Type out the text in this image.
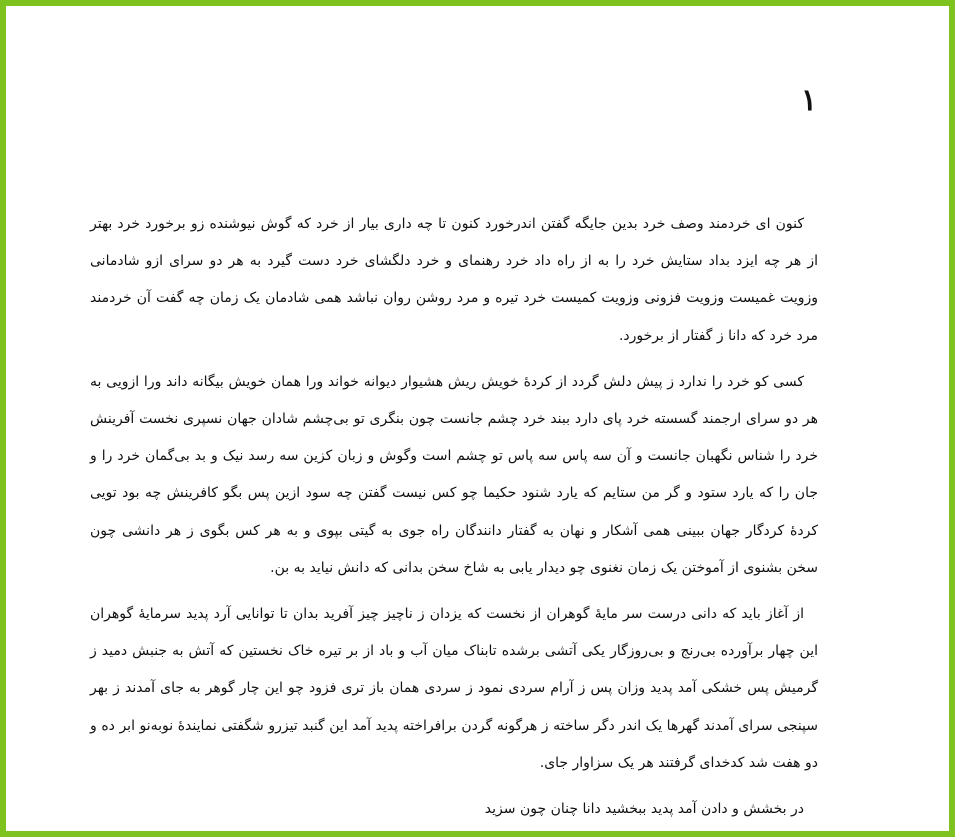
۱

کنون ای خردمند وصف خرد بدین جایگه گفتن اندرخورد کنون تا چه داری بیار از خرد که گوش نیوشنده زو برخورد خرد بهتر از هر چه ایزد بداد ستایش خرد را به از راه داد خرد رهنمای و خرد دلگشای خرد دست گیرد به هر دو سرای ازو شادمانی وزویت غمیست وزویت فزونی وزویت کمیست خرد تیره و مرد روشن روان نباشد همی شادمان یک زمان چه گفت آن خردمند مرد خرد که دانا ز گفتار از برخورد.

کسی کو خرد را ندارد ز پیش دلش گردد از کردهٔ خویش ریش هشیوار دیوانه خواند ورا همان خویش بیگانه داند ورا ازویی به هر دو سرای ارجمند گسسته خرد پای دارد ببند خرد چشم جانست چون بنگری تو بی‌چشم شادان جهان نسپری نخست آفرینش خرد را شناس نگهبان جانست و آن سه پاس سه پاس تو چشم است وگوش و زبان کزین سه رسد نیک و بد بی‌گمان خرد را و جان را که یارد ستود و گر من ستایم که یارد شنود حکیما چو کس نیست گفتن چه سود ازین پس بگو کافرینش چه بود تویی کردهٔ کردگار جهان ببینی همی آشکار و نهان به گفتار دانندگان راه جوی به گیتی بپوی و به هر کس بگوی ز هر دانشی چون سخن بشنوی از آموختن یک زمان نغنوی چو دیدار یابی به شاخ سخن بدانی که دانش نیاید به بن.

از آغاز باید که دانی درست سر مایهٔ گوهران از نخست که یزدان ز ناچیز چیز آفرید بدان تا توانایی آرد پدید سرمایهٔ گوهران این چهار برآورده بی‌رنج و بی‌روزگار یکی آتشی برشده تابناک میان آب و باد از بر تیره خاک نخستین که آتش به جنبش دمید ز گرمیش پس خشکی آمد پدید وزان پس ز آرام سردی نمود ز سردی همان باز تری فزود چو این چار گوهر به جای آمدند ز بهر سپنجی سرای آمدند گهرها یک اندر دگر ساخته ز هرگونه گردن برافراخته پدید آمد این گنبد تیزرو شگفتی نمایندهٔ نوبه‌نو ابر ده و دو هفت شد کدخدای گرفتند هر یک سزاوار جای.

در بخشش و دادن آمد پدید ببخشید دانا چنان چون سزید
